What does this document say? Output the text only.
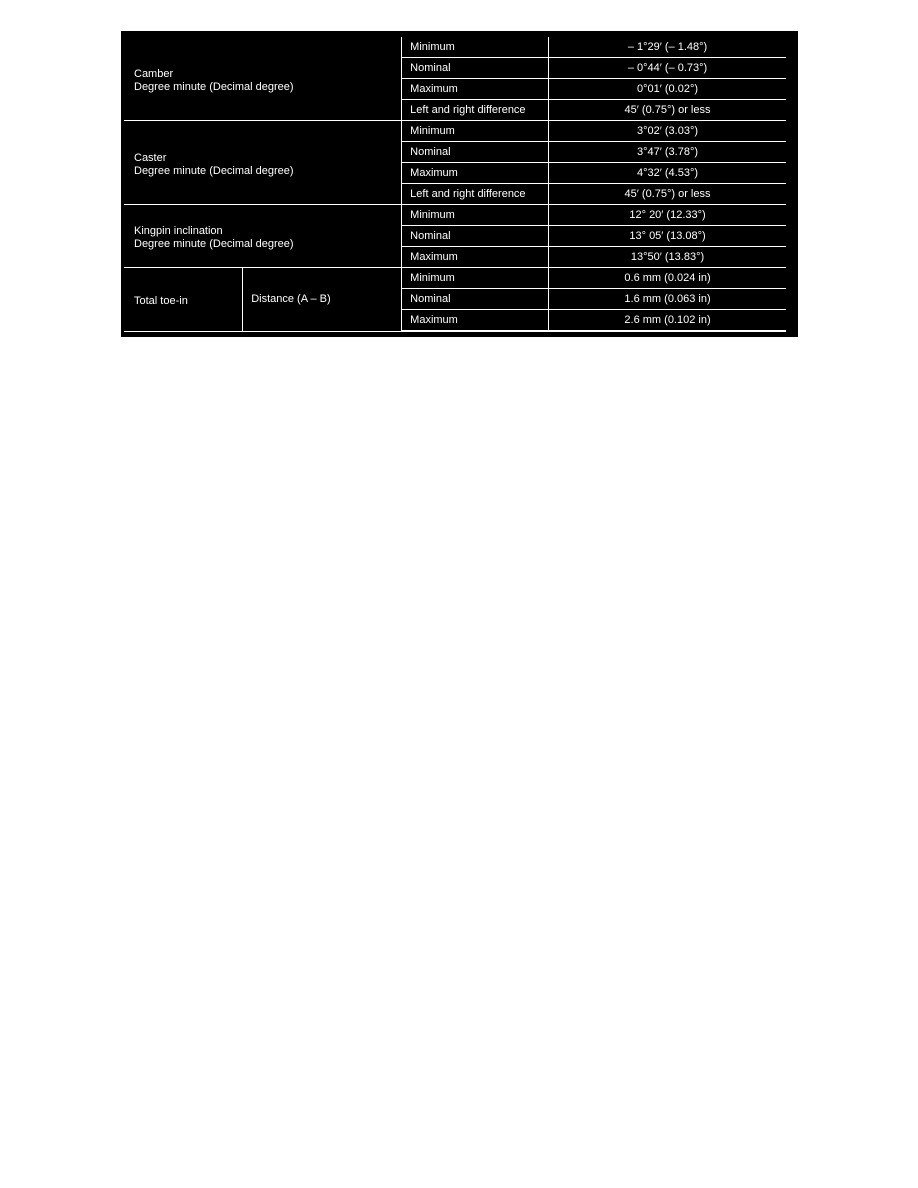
Camber
Degree minute (Decimal degree)		Minimum	– 1°29′ (– 1.48°)
		Nominal	– 0°44′ (– 0.73°)
		Maximum	0°01′ (0.02°)
		Left and right difference	45′ (0.75°) or less

Caster
Degree minute (Decimal degree)		Minimum	3°02′ (3.03°)
		Nominal	3°47′ (3.78°)
		Maximum	4°32′ (4.53°)
		Left and right difference	45′ (0.75°) or less

Kingpin inclination
Degree minute (Decimal degree)		Minimum	12° 20′ (12.33°)
		Nominal	13° 05′ (13.08°)
		Maximum	13°50′ (13.83°)

Total toe-in	Distance (A – B)	Minimum	0.6 mm (0.024 in)
		Nominal	1.6 mm (0.063 in)
		Maximum	2.6 mm (0.102 in)
